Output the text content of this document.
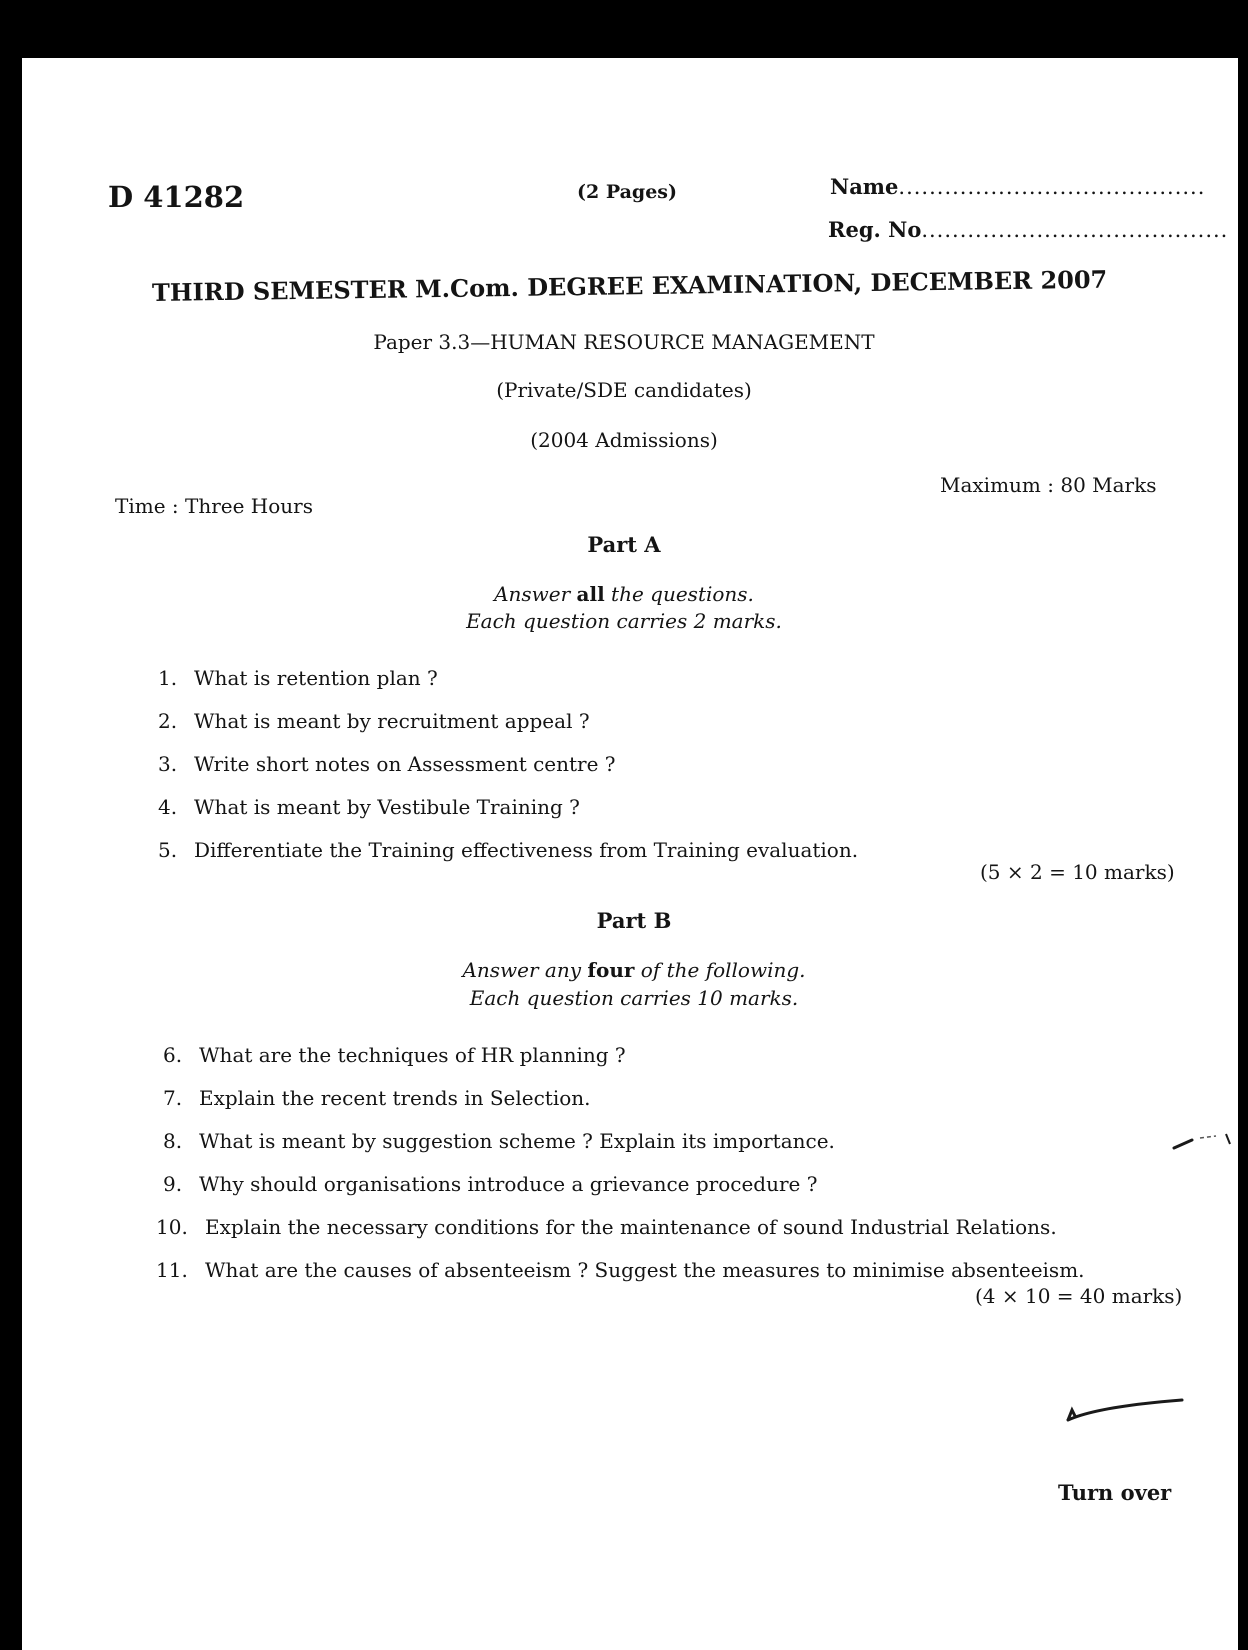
D 41282	(2 Pages)	Name........................................
Reg. No........................................
THIRD SEMESTER M.Com. DEGREE EXAMINATION, DECEMBER 2007
Paper 3.3—HUMAN RESOURCE MANAGEMENT
(Private/SDE candidates)
(2004 Admissions)
Time : Three Hours
Maximum : 80 Marks
Part A
Answer all the questions.
Each question carries 2 marks.
1. What is retention plan ?
2. What is meant by recruitment appeal ?
3. Write short notes on Assessment centre ?
4. What is meant by Vestibule Training ?
5. Differentiate the Training effectiveness from Training evaluation.
(5 × 2 = 10 marks)
Part B
Answer any four of the following.
Each question carries 10 marks.
6. What are the techniques of HR planning ?
7. Explain the recent trends in Selection.
8. What is meant by suggestion scheme ? Explain its importance.
9. Why should organisations introduce a grievance procedure ?
10. Explain the necessary conditions for the maintenance of sound Industrial Relations.
11. What are the causes of absenteeism ? Suggest the measures to minimise absenteeism.
(4 × 10 = 40 marks)
Turn over
